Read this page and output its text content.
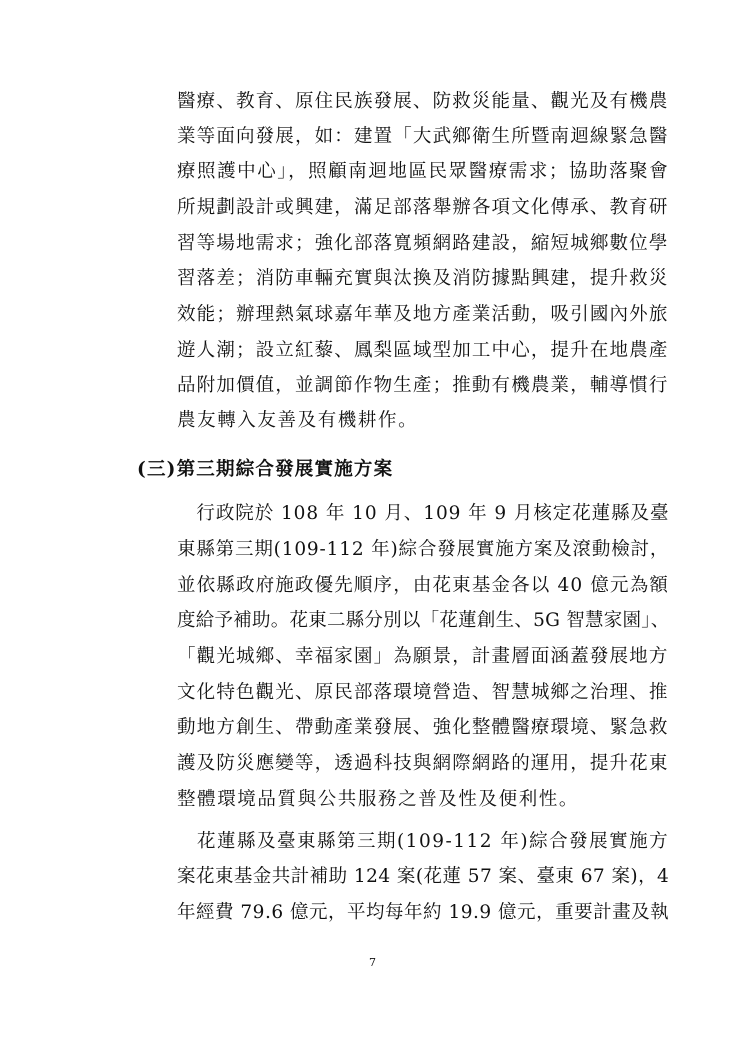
醫療、教育、原住民族發展、防救災能量、觀光及有機農
業等面向發展，如：建置「大武鄉衛生所暨南迴線緊急醫
療照護中心」，照顧南迴地區民眾醫療需求；協助落聚會
所規劃設計或興建，滿足部落舉辦各項文化傳承、教育研
習等場地需求；強化部落寬頻網路建設，縮短城鄉數位學
習落差；消防車輛充實與汰換及消防據點興建，提升救災
效能；辦理熱氣球嘉年華及地方產業活動，吸引國內外旅
遊人潮；設立紅藜、鳳梨區域型加工中心，提升在地農產
品附加價值，並調節作物生產；推動有機農業，輔導慣行
農友轉入友善及有機耕作。
(三)第三期綜合發展實施方案
　行政院於 108 年 10 月、109 年 9 月核定花蓮縣及臺
東縣第三期(109-112 年)綜合發展實施方案及滾動檢討，
並依縣政府施政優先順序，由花東基金各以 40 億元為額
度給予補助。花東二縣分別以「花蓮創生、5G 智慧家園」、
「觀光城鄉、幸福家園」為願景，計畫層面涵蓋發展地方
文化特色觀光、原民部落環境營造、智慧城鄉之治理、推
動地方創生、帶動產業發展、強化整體醫療環境、緊急救
護及防災應變等，透過科技與網際網路的運用，提升花東
整體環境品質與公共服務之普及性及便利性。
　花蓮縣及臺東縣第三期(109-112 年)綜合發展實施方
案花東基金共計補助 124 案(花蓮 57 案、臺東 67 案)，4
年經費 79.6 億元，平均每年約 19.9 億元，重要計畫及執
7
